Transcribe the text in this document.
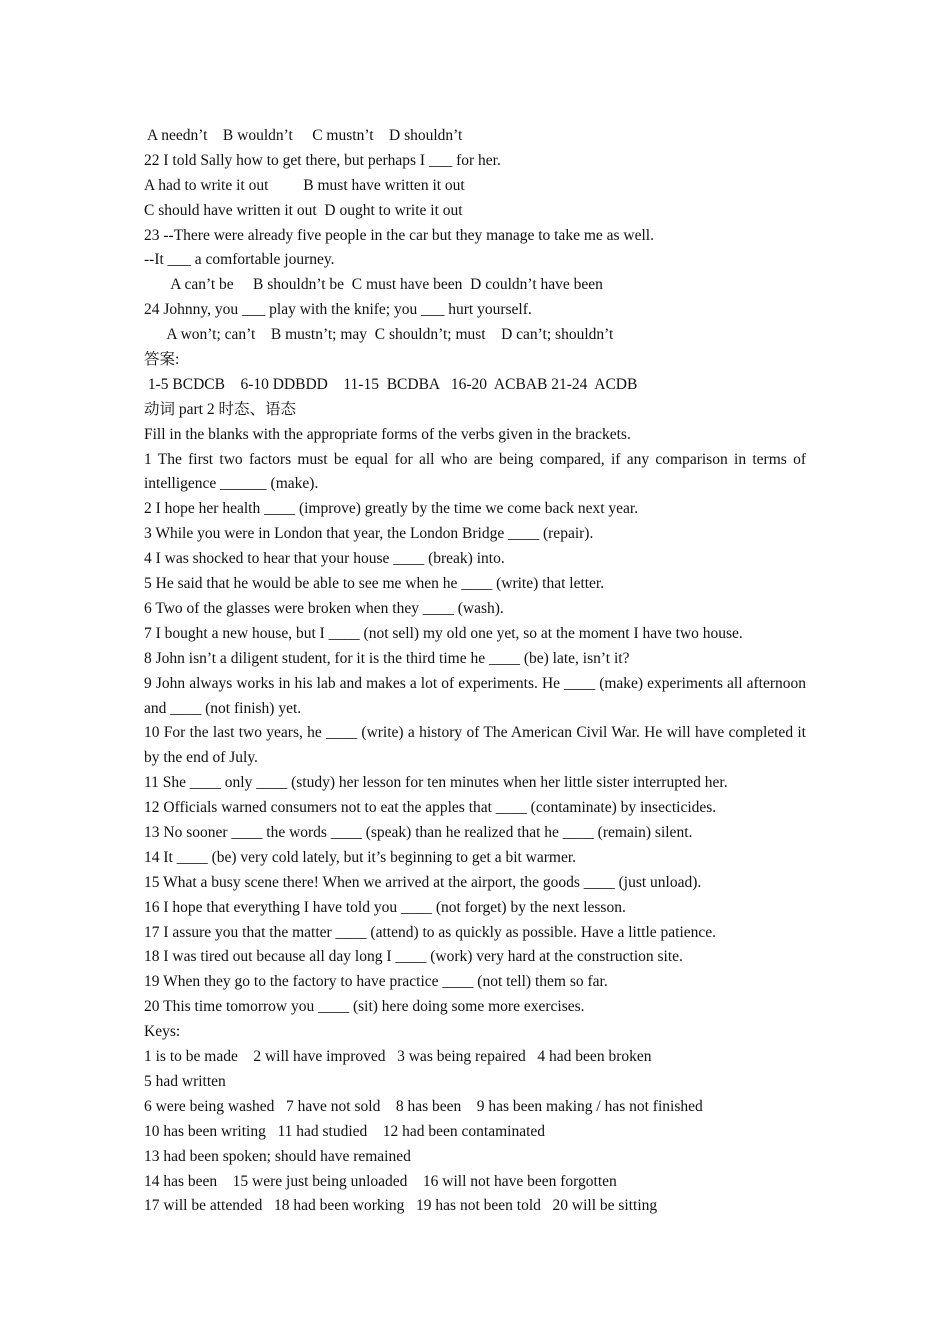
A needn’t    B wouldn’t     C mustn’t    D shouldn’t
22 I told Sally how to get there, but perhaps I ___ for her.
A had to write it out         B must have written it out
C should have written it out  D ought to write it out
23 --There were already five people in the car but they manage to take me as well.
--It ___ a comfortable journey.
A can’t be     B shouldn’t be  C must have been  D couldn’t have been
24 Johnny, you ___ play with the knife; you ___ hurt yourself.
A won’t; can’t    B mustn’t; may  C shouldn’t; must    D can’t; shouldn’t
答案:
1-5 BCDCB    6-10 DDBDD    11-15  BCDBA   16-20  ACBAB 21-24  ACDB
动词 part 2 时态、语态
Fill in the blanks with the appropriate forms of the verbs given in the brackets.
1 The first two factors must be equal for all who are being compared, if any comparison in terms of intelligence ______ (make).
2 I hope her health ____ (improve) greatly by the time we come back next year.
3 While you were in London that year, the London Bridge ____ (repair).
4 I was shocked to hear that your house ____ (break) into.
5 He said that he would be able to see me when he ____ (write) that letter.
6 Two of the glasses were broken when they ____ (wash).
7 I bought a new house, but I ____ (not sell) my old one yet, so at the moment I have two house.
8 John isn’t a diligent student, for it is the third time he ____ (be) late, isn’t it?
9 John always works in his lab and makes a lot of experiments. He ____ (make) experiments all afternoon and ____ (not finish) yet.
10 For the last two years, he ____ (write) a history of The American Civil War. He will have completed it by the end of July.
11 She ____ only ____ (study) her lesson for ten minutes when her little sister interrupted her.
12 Officials warned consumers not to eat the apples that ____ (contaminate) by insecticides.
13 No sooner ____ the words ____ (speak) than he realized that he ____ (remain) silent.
14 It ____ (be) very cold lately, but it’s beginning to get a bit warmer.
15 What a busy scene there! When we arrived at the airport, the goods ____ (just unload).
16 I hope that everything I have told you ____ (not forget) by the next lesson.
17 I assure you that the matter ____ (attend) to as quickly as possible. Have a little patience.
18 I was tired out because all day long I ____ (work) very hard at the construction site.
19 When they go to the factory to have practice ____ (not tell) them so far.
20 This time tomorrow you ____ (sit) here doing some more exercises.
Keys:
1 is to be made    2 will have improved   3 was being repaired   4 had been broken
5 had written
6 were being washed   7 have not sold    8 has been    9 has been making / has not finished
10 has been writing   11 had studied    12 had been contaminated
13 had been spoken; should have remained
14 has been    15 were just being unloaded    16 will not have been forgotten
17 will be attended   18 had been working   19 has not been told   20 will be sitting
